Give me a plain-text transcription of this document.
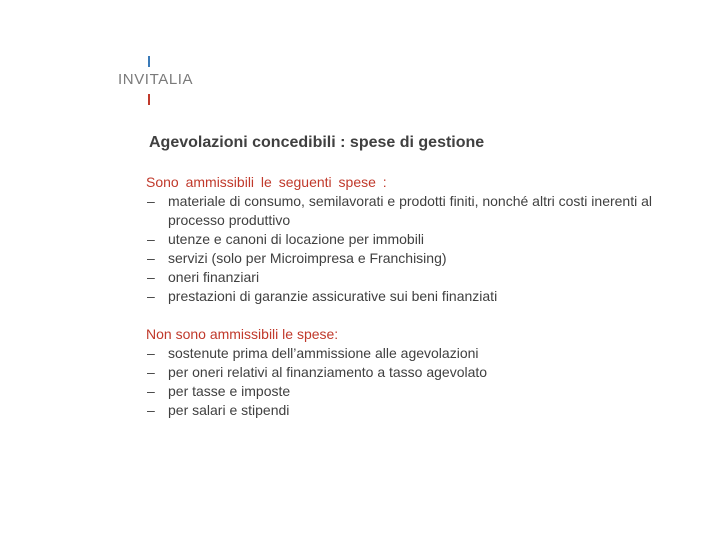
INVITALIA
Agevolazioni concedibili : spese di gestione
Sono ammissibili le seguenti spese :
– materiale di consumo, semilavorati e prodotti finiti, nonché altri costi inerenti al processo produttivo
– utenze e canoni di locazione per immobili
– servizi (solo per Microimpresa e Franchising)
– oneri finanziari
– prestazioni di garanzie assicurative sui beni finanziati
Non sono ammissibili le spese:
– sostenute prima dell’ammissione alle agevolazioni
– per oneri relativi al finanziamento a tasso agevolato
– per tasse e imposte
– per salari e stipendi
